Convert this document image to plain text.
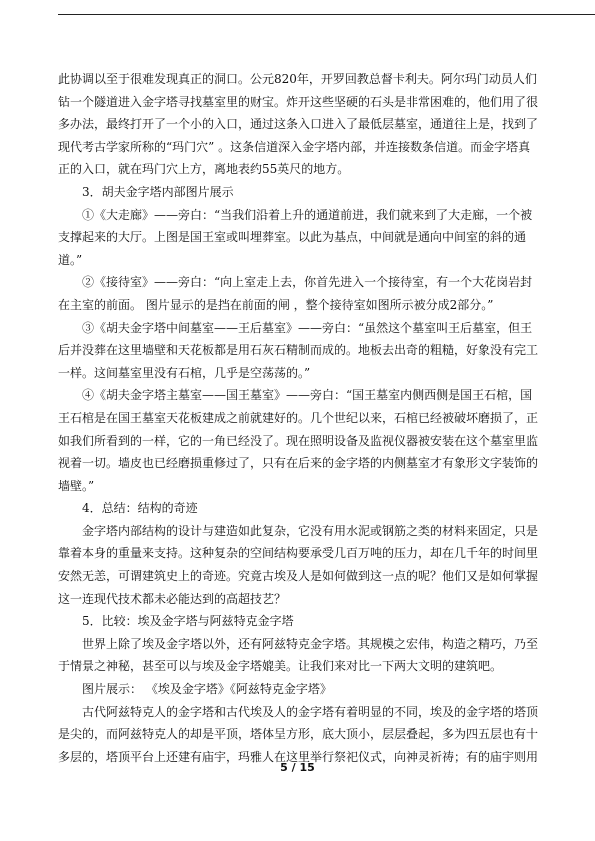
此协调以至于很难发现真正的洞口。公元820年，开罗回教总督卡利夫。阿尔玛门动员人们钻一个隧道进入金字塔寻找墓室里的财宝。炸开这些坚硬的石头是非常困难的，他们用了很多办法，最终打开了一个小的入口，通过这条入口进入了最低层墓室，通道往上是，找到了现代考古学家所称的“玛门穴” 。这条信道深入金字塔内部，并连接数条信道。而金字塔真正的入口，就在玛门穴上方，离地表约55英尺的地方。

3．胡夫金字塔内部图片展示

①《大走廊》——旁白：“当我们沿着上升的通道前进，我们就来到了大走廊，一个被支撑起来的大厅。上图是国王室或叫埋葬室。以此为基点，中间就是通向中间室的斜的通道。”

②《接待室》——旁白：“向上室走上去，你首先进入一个接待室，有一个大花岗岩封在主室的前面。 图片显示的是挡在前面的闸 ，整个接待室如图所示被分成2部分。”

③《胡夫金字塔中间墓室——王后墓室》——旁白：“虽然这个墓室叫王后墓室，但王后并没葬在这里墙壁和天花板都是用石灰石精制而成的。地板去出奇的粗糙，好象没有完工一样。这间墓室里没有石棺，几乎是空荡荡的。”

④《胡夫金字塔主墓室——国王墓室》——旁白：“国王墓室内侧西侧是国王石棺，国王石棺是在国王墓室天花板建成之前就建好的。几个世纪以来，石棺已经被破坏磨损了，正如我们所看到的一样，它的一角已经没了。现在照明设备及监视仪器被安装在这个墓室里监视着一切。墙皮也已经磨损重修过了，只有在后来的金字塔的内侧墓室才有象形文字装饰的墙壁。”

4．总结：结构的奇迹

金字塔内部结构的设计与建造如此复杂，它没有用水泥或钢筋之类的材料来固定，只是靠着本身的重量来支持。这种复杂的空间结构要承受几百万吨的压力，却在几千年的时间里安然无恙，可谓建筑史上的奇迹。究竟古埃及人是如何做到这一点的呢？他们又是如何掌握这一连现代技术都未必能达到的高超技艺？

5．比较：埃及金字塔与阿兹特克金字塔

世界上除了埃及金字塔以外，还有阿兹特克金字塔。其规模之宏伟，构造之精巧，乃至于情景之神秘，甚至可以与埃及金字塔媲美。让我们来对比一下两大文明的建筑吧。

图片展示： 《埃及金字塔》《阿兹特克金字塔》

古代阿兹特克人的金字塔和古代埃及人的金字塔有着明显的不同，埃及的金字塔的塔顶是尖的，而阿兹特克人的却是平顶，塔体呈方形，底大顶小，层层叠起，多为四五层也有十多层的，塔顶平台上还建有庙宇，玛雅人在这里举行祭祀仪式，向神灵祈祷；有的庙宇则用

5 / 15
